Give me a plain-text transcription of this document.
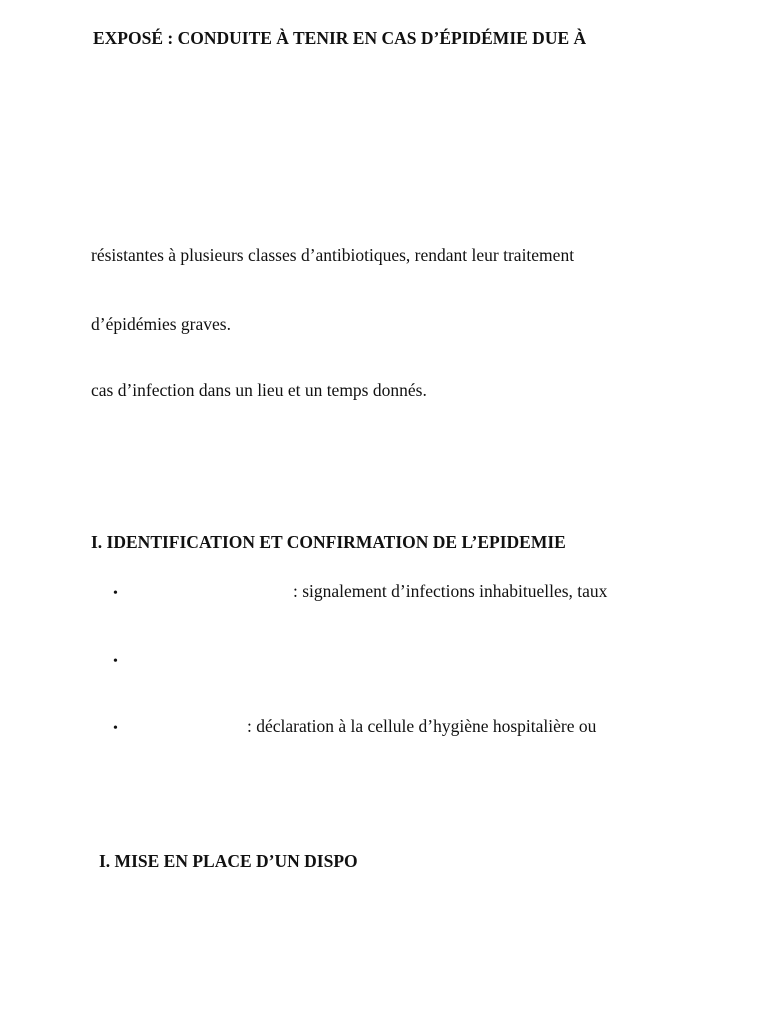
EXPOSÉ : CONDUITE À TENIR EN CAS D’ÉPIDÉMIE DUE À
résistantes à plusieurs classes d’antibiotiques, rendant leur traitement
d’épidémies graves.
cas d’infection dans un lieu et un temps donnés.
I. IDENTIFICATION ET CONFIRMATION DE L’EPIDEMIE
•	: signalement d’infections inhabituelles, taux
•
•	: déclaration à la cellule d’hygiène hospitalière ou
I. MISE EN PLACE D’UN DISPO
